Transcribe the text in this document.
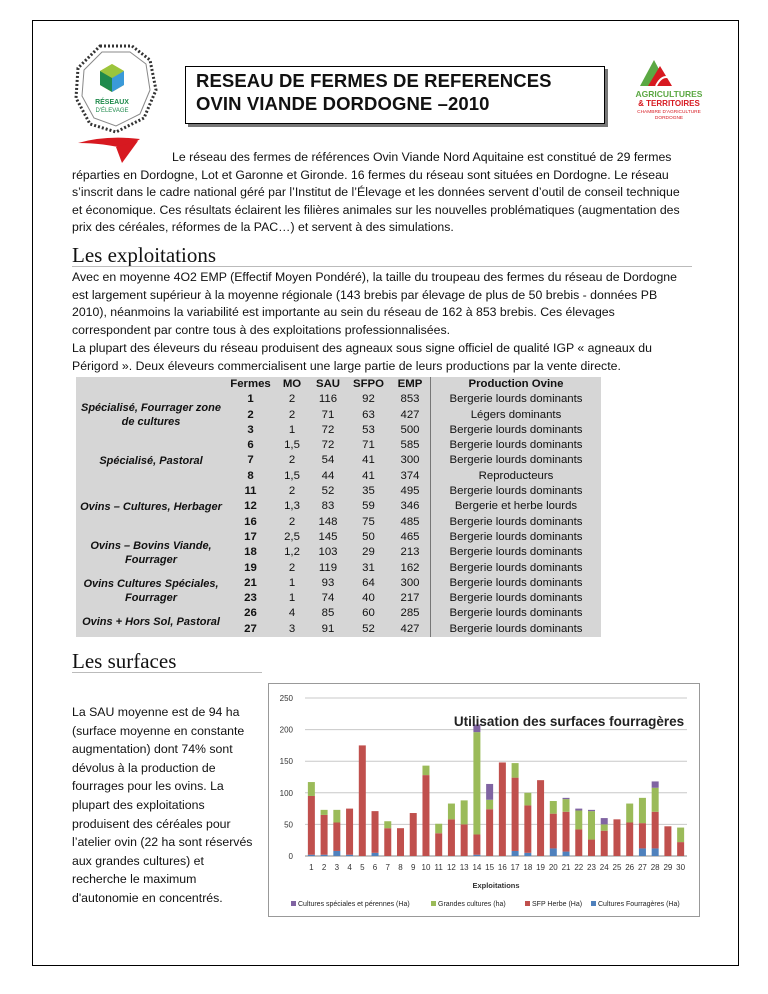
RÉSEAUX
D'ÉLEVAGE
RESEAU DE FERMES DE REFERENCES
OVIN VIANDE DORDOGNE –2010	AGRICULTURES
& TERRITOIRES
CHAMBRE D'AGRICULTURE
DORDOGNE
Le réseau des fermes de références Ovin Viande Nord Aquitaine est constitué de 29 fermes réparties en Dordogne, Lot et Garonne et Gironde. 16 fermes du réseau sont situées en Dordogne. Le réseau s’inscrit dans le cadre national géré par l’Institut de l’Élevage et les données servent d’outil de conseil technique et économique. Ces résultats éclairent les filières animales sur les nouvelles problématiques (augmentation des prix des céréales, réformes de la PAC…) et servent à des simulations.
Les exploitations
Avec en moyenne 4O2 EMP (Effectif Moyen Pondéré), la taille du troupeau des fermes du réseau de Dordogne est largement supérieur à la moyenne régionale (143 brebis par élevage de plus de 50 brebis - données PB 2010), néanmoins la variabilité est importante au sein du réseau de 162 à 853 brebis. Ces élevages correspondent par contre tous à des exploitations professionnalisées.
La plupart des éleveurs du réseau produisent des agneaux sous signe officiel de qualité IGP « agneaux du Périgord ». Deux éleveurs commercialisent une large partie de leurs productions par la vente directe.
	Fermes	MO	SAU	SFPO	EMP	Production Ovine
Spécialisé, Fourrager zone de cultures	1	2	116	92	853	Bergerie lourds dominants
	2	2	71	63	427	Légers dominants
	3	1	72	53	500	Bergerie lourds dominants
Spécialisé, Pastoral	6	1,5	72	71	585	Bergerie lourds dominants
	7	2	54	41	300	Bergerie lourds dominants
	8	1,5	44	41	374	Reproducteurs
Ovins – Cultures, Herbager	11	2	52	35	495	Bergerie lourds dominants
	12	1,3	83	59	346	Bergerie et herbe lourds
	16	2	148	75	485	Bergerie lourds dominants
Ovins – Bovins Viande, Fourrager	17	2,5	145	50	465	Bergerie lourds dominants
	18	1,2	103	29	213	Bergerie lourds dominants
	19	2	119	31	162	Bergerie lourds dominants
Ovins Cultures Spéciales, Fourrager	21	1	93	64	300	Bergerie lourds dominants
	23	1	74	40	217	Bergerie lourds dominants
Ovins + Hors Sol, Pastoral	26	4	85	60	285	Bergerie lourds dominants
	27	3	91	52	427	Bergerie lourds dominants
Les surfaces
La SAU moyenne est de 94 ha (surface moyenne en constante augmentation) dont 74% sont dévolus à la production de fourrages pour les ovins. La plupart des exploitations produisent des céréales pour l’atelier ovin (22 ha sont réservés aux grandes cultures) et recherche le maximum d'autonomie en concentrés.
0
50
100
150
200
250
1 2 3 4 5 6 7 8 9 10 11 12 13 14 15 16 17 18 19 20 21 22 23 24 25 26 27 28 29 30
Utilisation des surfaces fourragères
Exploitations
Cultures spéciales et pérennes (Ha)	Grandes cultures (ha)	SFP Herbe (Ha) Cultures Fourragères (Ha)
